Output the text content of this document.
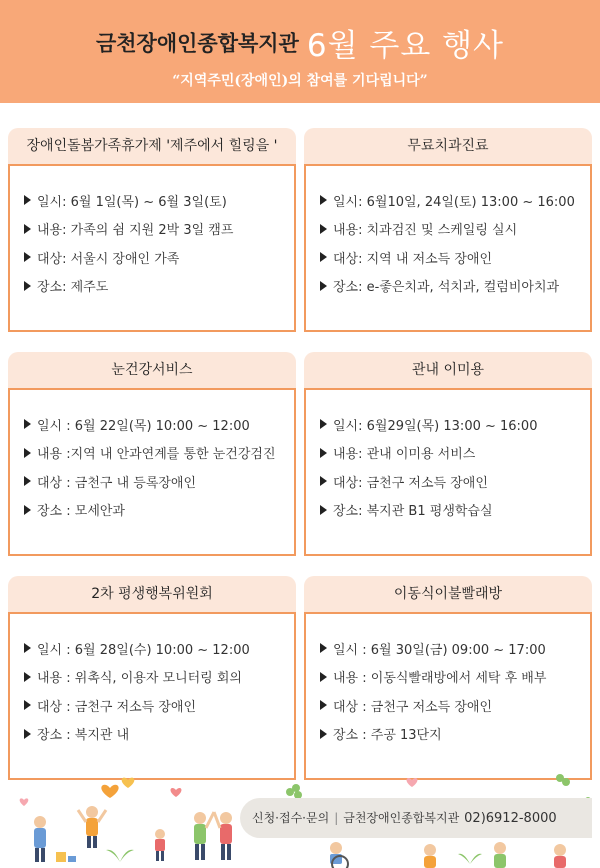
금천장애인종합복지관 6월 주요 행사
“지역주민(장애인)의 참여를 기다립니다”
장애인돌봄가족휴가제 '제주에서 힐링을 '
일시: 6월 1일(목) ~ 6월 3일(토)
내용: 가족의 쉼 지원 2박 3일 캠프
대상: 서울시 장애인 가족
장소: 제주도
무료치과진료
일시: 6월10일, 24일(토) 13:00 ~ 16:00
내용: 치과검진 및 스케일링 실시
대상: 지역 내 저소득 장애인
장소: e-좋은치과, 석치과, 컬럼비아치과
눈건강서비스
일시 : 6월 22일(목) 10:00 ~ 12:00
내용 :지역 내 안과연계를 통한 눈건강검진
대상 : 금천구 내 등록장애인
장소 : 모세안과
관내 이미용
일시: 6월29일(목) 13:00 ~ 16:00
내용: 관내 이미용 서비스
대상: 금천구 저소득 장애인
장소: 복지관 B1 평생학습실
2차 평생행복위원회
일시 : 6월 28일(수) 10:00 ~ 12:00
내용 : 위촉식, 이용자 모니터링 회의
대상 : 금천구 저소득 장애인
장소 : 복지관 내
이동식이불빨래방
일시 : 6월 30일(금) 09:00 ~ 17:00
내용 : 이동식빨래방에서 세탁 후 배부
대상 : 금천구 저소득 장애인
장소 : 주공 13단지
신청·접수·문의 | 금천장애인종합복지관 02)6912-8000
